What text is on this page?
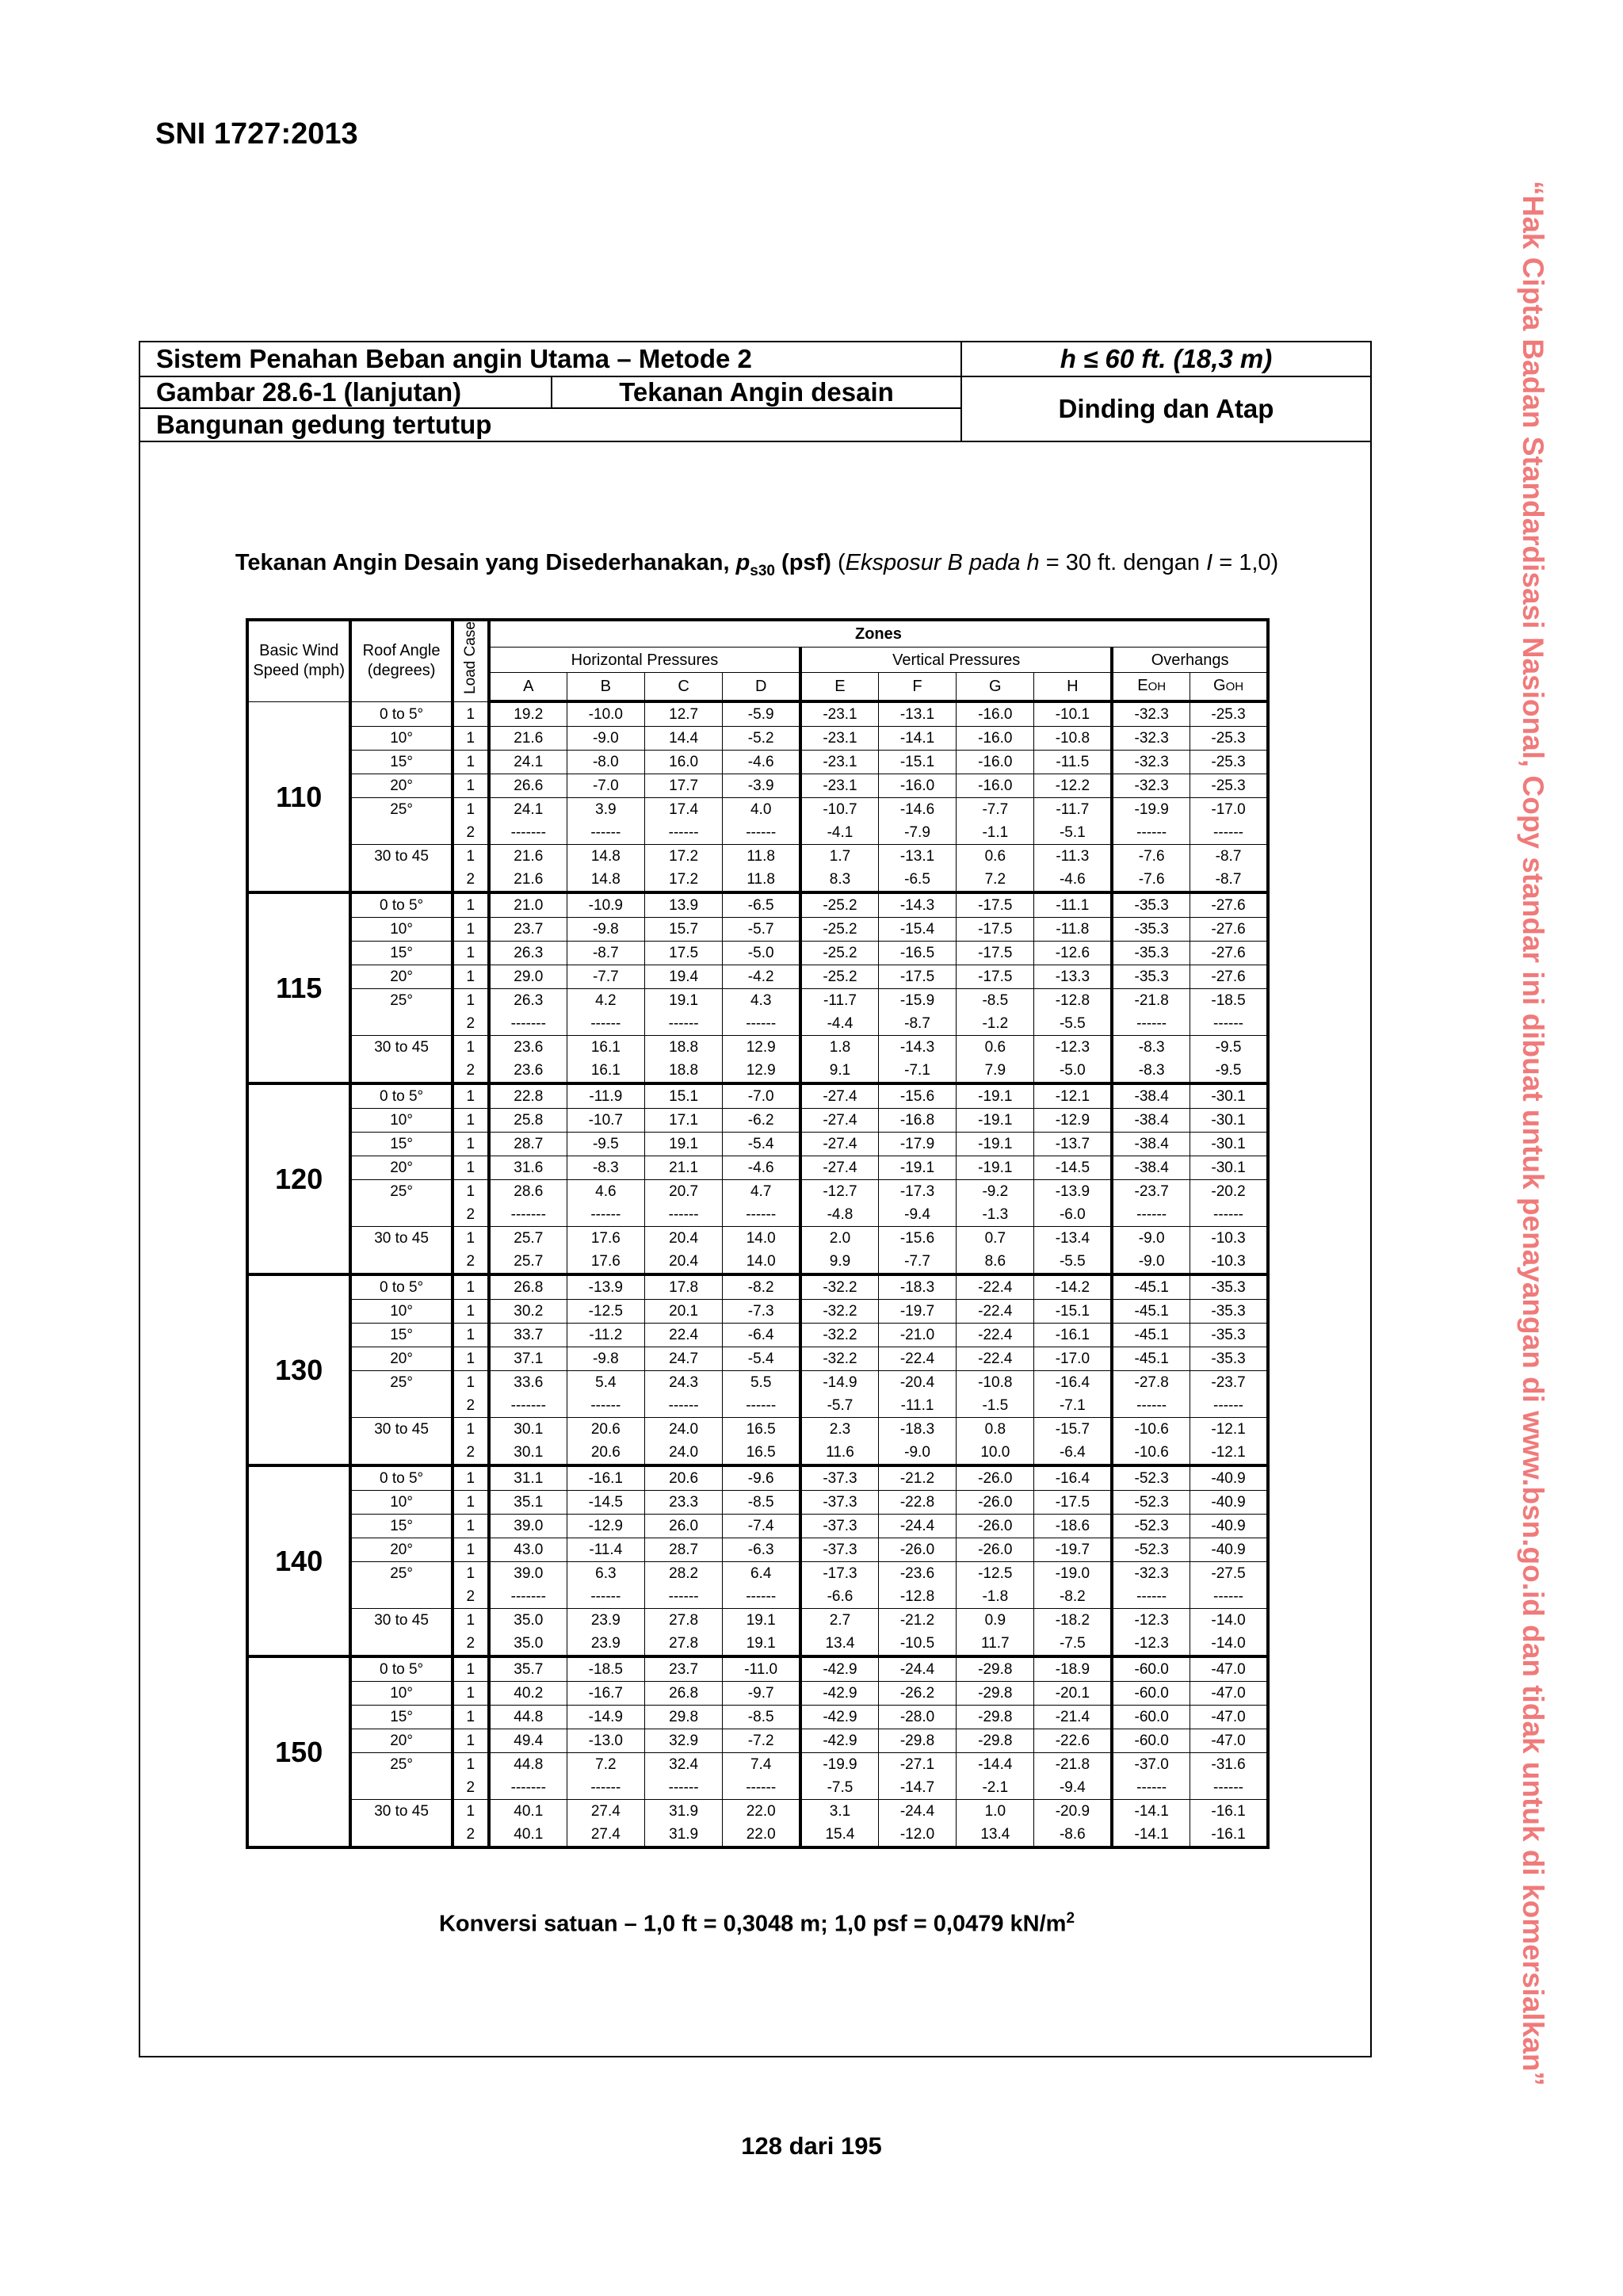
SNI 1727:2013
“Hak Cipta Badan Standardisasi Nasional, Copy standar ini dibuat untuk penayangan di www.bsn.go.id dan tidak untuk di komersialkan”
Sistem Penahan Beban angin Utama – Metode 2	h ≤ 60 ft. (18,3 m)
Gambar 28.6-1 (lanjutan)	Tekanan Angin desain
Bangunan gedung tertutup
Dinding dan Atap
Tekanan Angin Desain yang Disederhanakan, $p_{s30}$ (psf) (Eksposur B pada h = 30 ft. dengan I = 1,0)
Konversi satuan – 1,0 ft = 0,3048 m; 1,0 psf = 0,0479 $kN/m^2$
Basic Wind Speed (mph)	Roof Angle (degrees)	Load Case	Zones									
			Horizontal Pressures				Vertical Pressures				Overhangs	
			A	B	C	D	E	F	G	H	EOH	GOH
110	0 to 5°	1	19.2	-10.0	12.7	-5.9	-23.1	-13.1	-16.0	-10.1	-32.3	-25.3
	10°	1	21.6	-9.0	14.4	-5.2	-23.1	-14.1	-16.0	-10.8	-32.3	-25.3
	15°	1	24.1	-8.0	16.0	-4.6	-23.1	-15.1	-16.0	-11.5	-32.3	-25.3
	20°	1	26.6	-7.0	17.7	-3.9	-23.1	-16.0	-16.0	-12.2	-32.3	-25.3
	25°	1	24.1	3.9	17.4	4.0	-10.7	-14.6	-7.7	-11.7	-19.9	-17.0
		2	-------	------	------	------	-4.1	-7.9	-1.1	-5.1	------	------
	30 to 45	1	21.6	14.8	17.2	11.8	1.7	-13.1	0.6	-11.3	-7.6	-8.7
		2	21.6	14.8	17.2	11.8	8.3	-6.5	7.2	-4.6	-7.6	-8.7
115	0 to 5°	1	21.0	-10.9	13.9	-6.5	-25.2	-14.3	-17.5	-11.1	-35.3	-27.6
	10°	1	23.7	-9.8	15.7	-5.7	-25.2	-15.4	-17.5	-11.8	-35.3	-27.6
	15°	1	26.3	-8.7	17.5	-5.0	-25.2	-16.5	-17.5	-12.6	-35.3	-27.6
	20°	1	29.0	-7.7	19.4	-4.2	-25.2	-17.5	-17.5	-13.3	-35.3	-27.6
	25°	1	26.3	4.2	19.1	4.3	-11.7	-15.9	-8.5	-12.8	-21.8	-18.5
		2	-------	------	------	------	-4.4	-8.7	-1.2	-5.5	------	------
	30 to 45	1	23.6	16.1	18.8	12.9	1.8	-14.3	0.6	-12.3	-8.3	-9.5
		2	23.6	16.1	18.8	12.9	9.1	-7.1	7.9	-5.0	-8.3	-9.5
120	0 to 5°	1	22.8	-11.9	15.1	-7.0	-27.4	-15.6	-19.1	-12.1	-38.4	-30.1
	10°	1	25.8	-10.7	17.1	-6.2	-27.4	-16.8	-19.1	-12.9	-38.4	-30.1
	15°	1	28.7	-9.5	19.1	-5.4	-27.4	-17.9	-19.1	-13.7	-38.4	-30.1
	20°	1	31.6	-8.3	21.1	-4.6	-27.4	-19.1	-19.1	-14.5	-38.4	-30.1
	25°	1	28.6	4.6	20.7	4.7	-12.7	-17.3	-9.2	-13.9	-23.7	-20.2
		2	-------	------	------	------	-4.8	-9.4	-1.3	-6.0	------	------
	30 to 45	1	25.7	17.6	20.4	14.0	2.0	-15.6	0.7	-13.4	-9.0	-10.3
		2	25.7	17.6	20.4	14.0	9.9	-7.7	8.6	-5.5	-9.0	-10.3
130	0 to 5°	1	26.8	-13.9	17.8	-8.2	-32.2	-18.3	-22.4	-14.2	-45.1	-35.3
	10°	1	30.2	-12.5	20.1	-7.3	-32.2	-19.7	-22.4	-15.1	-45.1	-35.3
	15°	1	33.7	-11.2	22.4	-6.4	-32.2	-21.0	-22.4	-16.1	-45.1	-35.3
	20°	1	37.1	-9.8	24.7	-5.4	-32.2	-22.4	-22.4	-17.0	-45.1	-35.3
	25°	1	33.6	5.4	24.3	5.5	-14.9	-20.4	-10.8	-16.4	-27.8	-23.7
		2	-------	------	------	------	-5.7	-11.1	-1.5	-7.1	------	------
	30 to 45	1	30.1	20.6	24.0	16.5	2.3	-18.3	0.8	-15.7	-10.6	-12.1
		2	30.1	20.6	24.0	16.5	11.6	-9.0	10.0	-6.4	-10.6	-12.1
140	0 to 5°	1	31.1	-16.1	20.6	-9.6	-37.3	-21.2	-26.0	-16.4	-52.3	-40.9
	10°	1	35.1	-14.5	23.3	-8.5	-37.3	-22.8	-26.0	-17.5	-52.3	-40.9
	15°	1	39.0	-12.9	26.0	-7.4	-37.3	-24.4	-26.0	-18.6	-52.3	-40.9
	20°	1	43.0	-11.4	28.7	-6.3	-37.3	-26.0	-26.0	-19.7	-52.3	-40.9
	25°	1	39.0	6.3	28.2	6.4	-17.3	-23.6	-12.5	-19.0	-32.3	-27.5
		2	-------	------	------	------	-6.6	-12.8	-1.8	-8.2	------	------
	30 to 45	1	35.0	23.9	27.8	19.1	2.7	-21.2	0.9	-18.2	-12.3	-14.0
		2	35.0	23.9	27.8	19.1	13.4	-10.5	11.7	-7.5	-12.3	-14.0
150	0 to 5°	1	35.7	-18.5	23.7	-11.0	-42.9	-24.4	-29.8	-18.9	-60.0	-47.0
	10°	1	40.2	-16.7	26.8	-9.7	-42.9	-26.2	-29.8	-20.1	-60.0	-47.0
	15°	1	44.8	-14.9	29.8	-8.5	-42.9	-28.0	-29.8	-21.4	-60.0	-47.0
	20°	1	49.4	-13.0	32.9	-7.2	-42.9	-29.8	-29.8	-22.6	-60.0	-47.0
	25°	1	44.8	7.2	32.4	7.4	-19.9	-27.1	-14.4	-21.8	-37.0	-31.6
		2	-------	------	------	------	-7.5	-14.7	-2.1	-9.4	------	------
	30 to 45	1	40.1	27.4	31.9	22.0	3.1	-24.4	1.0	-20.9	-14.1	-16.1
		2	40.1	27.4	31.9	22.0	15.4	-12.0	13.4	-8.6	-14.1	-16.1
128 dari 195
